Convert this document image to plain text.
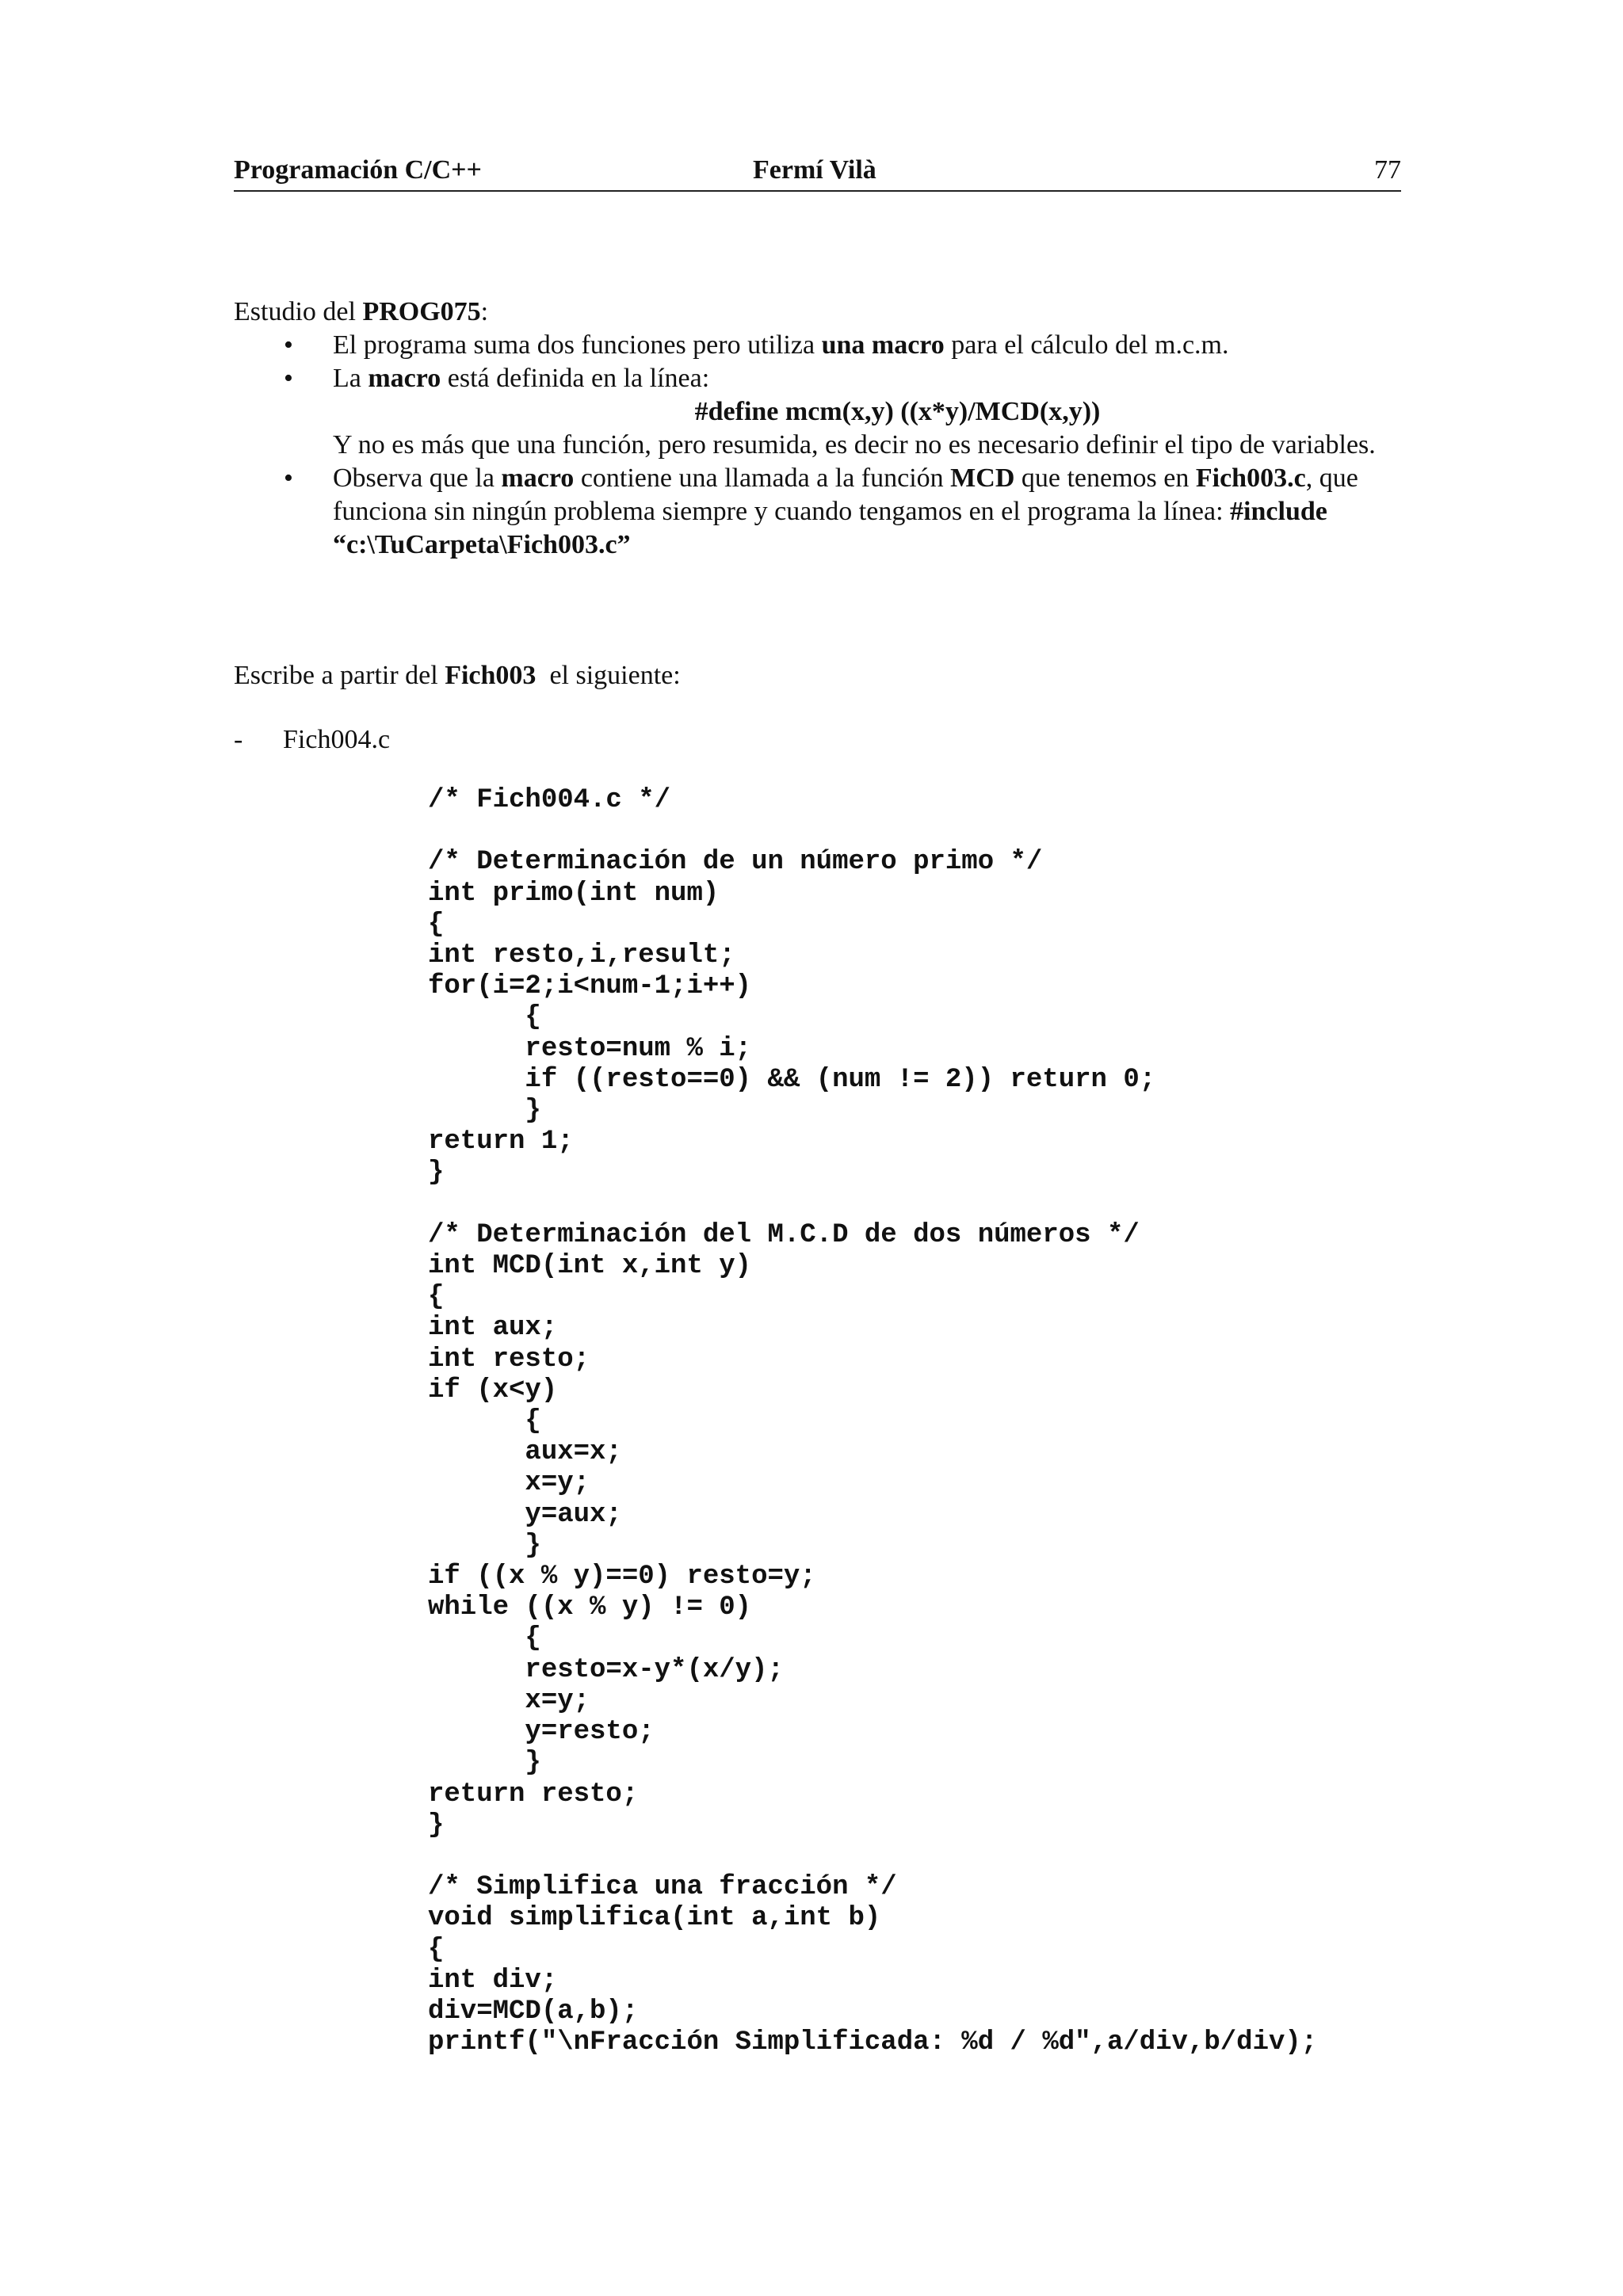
Programación C/C++	Fermí Vilà	77
Estudio del PROG075:
• El programa suma dos funciones pero utiliza una macro para el cálculo del m.c.m.
• La macro está definida en la línea:
#define mcm(x,y) ((x*y)/MCD(x,y))
Y no es más que una función, pero resumida, es decir no es necesario definir el tipo de variables.
• Observa que la macro contiene una llamada a la función MCD que tenemos en Fich003.c, que funciona sin ningún problema siempre y cuando tengamos en el programa la línea: #include “c:\TuCarpeta\Fich003.c”
Escribe a partir del Fich003  el siguiente:
- Fich004.c
/* Fich004.c */

/* Determinación de un número primo */
int primo(int num)
{
int resto,i,result;
for(i=2;i<num-1;i++)
{
resto=num % i;
if ((resto==0) && (num != 2)) return 0;
}
return 1;
}

/* Determinación del M.C.D de dos números */
int MCD(int x,int y)
{
int aux;
int resto;
if (x<y)
{
aux=x;
x=y;
y=aux;
}
if ((x % y)==0) resto=y;
while ((x % y) != 0)
{
resto=x-y*(x/y);
x=y;
y=resto;
}
return resto;
}

/* Simplifica una fracción */
void simplifica(int a,int b)
{
int div;
div=MCD(a,b);
printf("\nFracción Simplificada: %d / %d",a/div,b/div);
